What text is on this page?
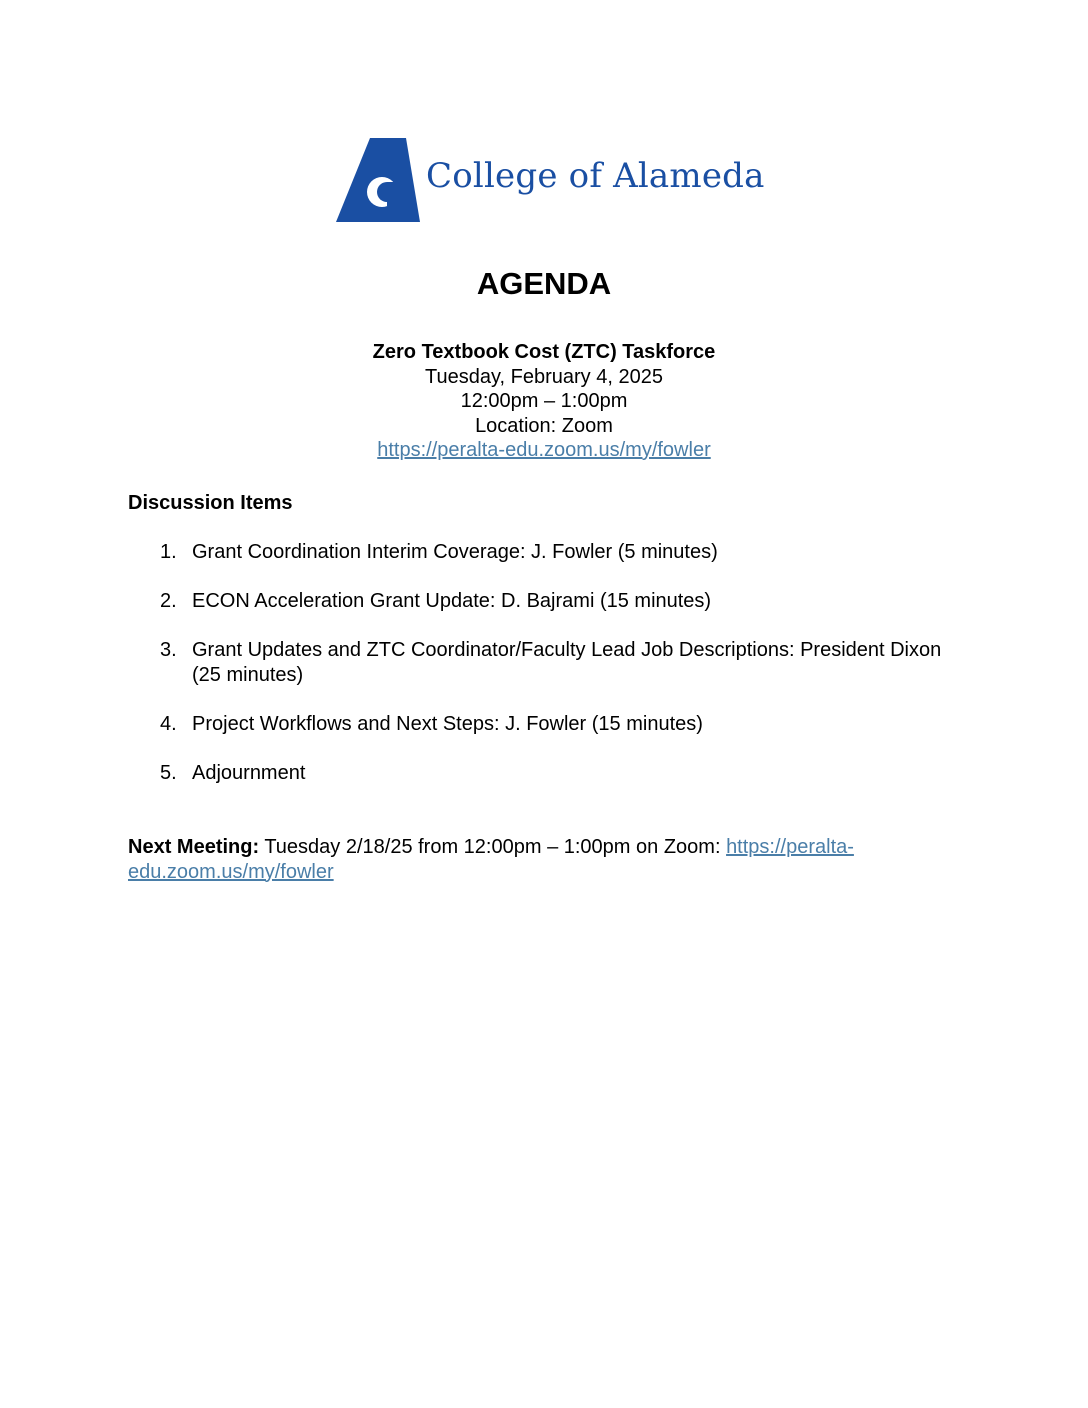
College of Alameda
AGENDA
Zero Textbook Cost (ZTC) Taskforce
Tuesday, February 4, 2025
12:00pm – 1:00pm
Location: Zoom
https://peralta-edu.zoom.us/my/fowler
Discussion Items
1. Grant Coordination Interim Coverage: J. Fowler (5 minutes)
2. ECON Acceleration Grant Update: D. Bajrami (15 minutes)
3. Grant Updates and ZTC Coordinator/Faculty Lead Job Descriptions: President Dixon (25 minutes)
4. Project Workflows and Next Steps: J. Fowler (15 minutes)
5. Adjournment
Next Meeting: Tuesday 2/18/25 from 12:00pm – 1:00pm on Zoom: https://peralta-edu.zoom.us/my/fowler
